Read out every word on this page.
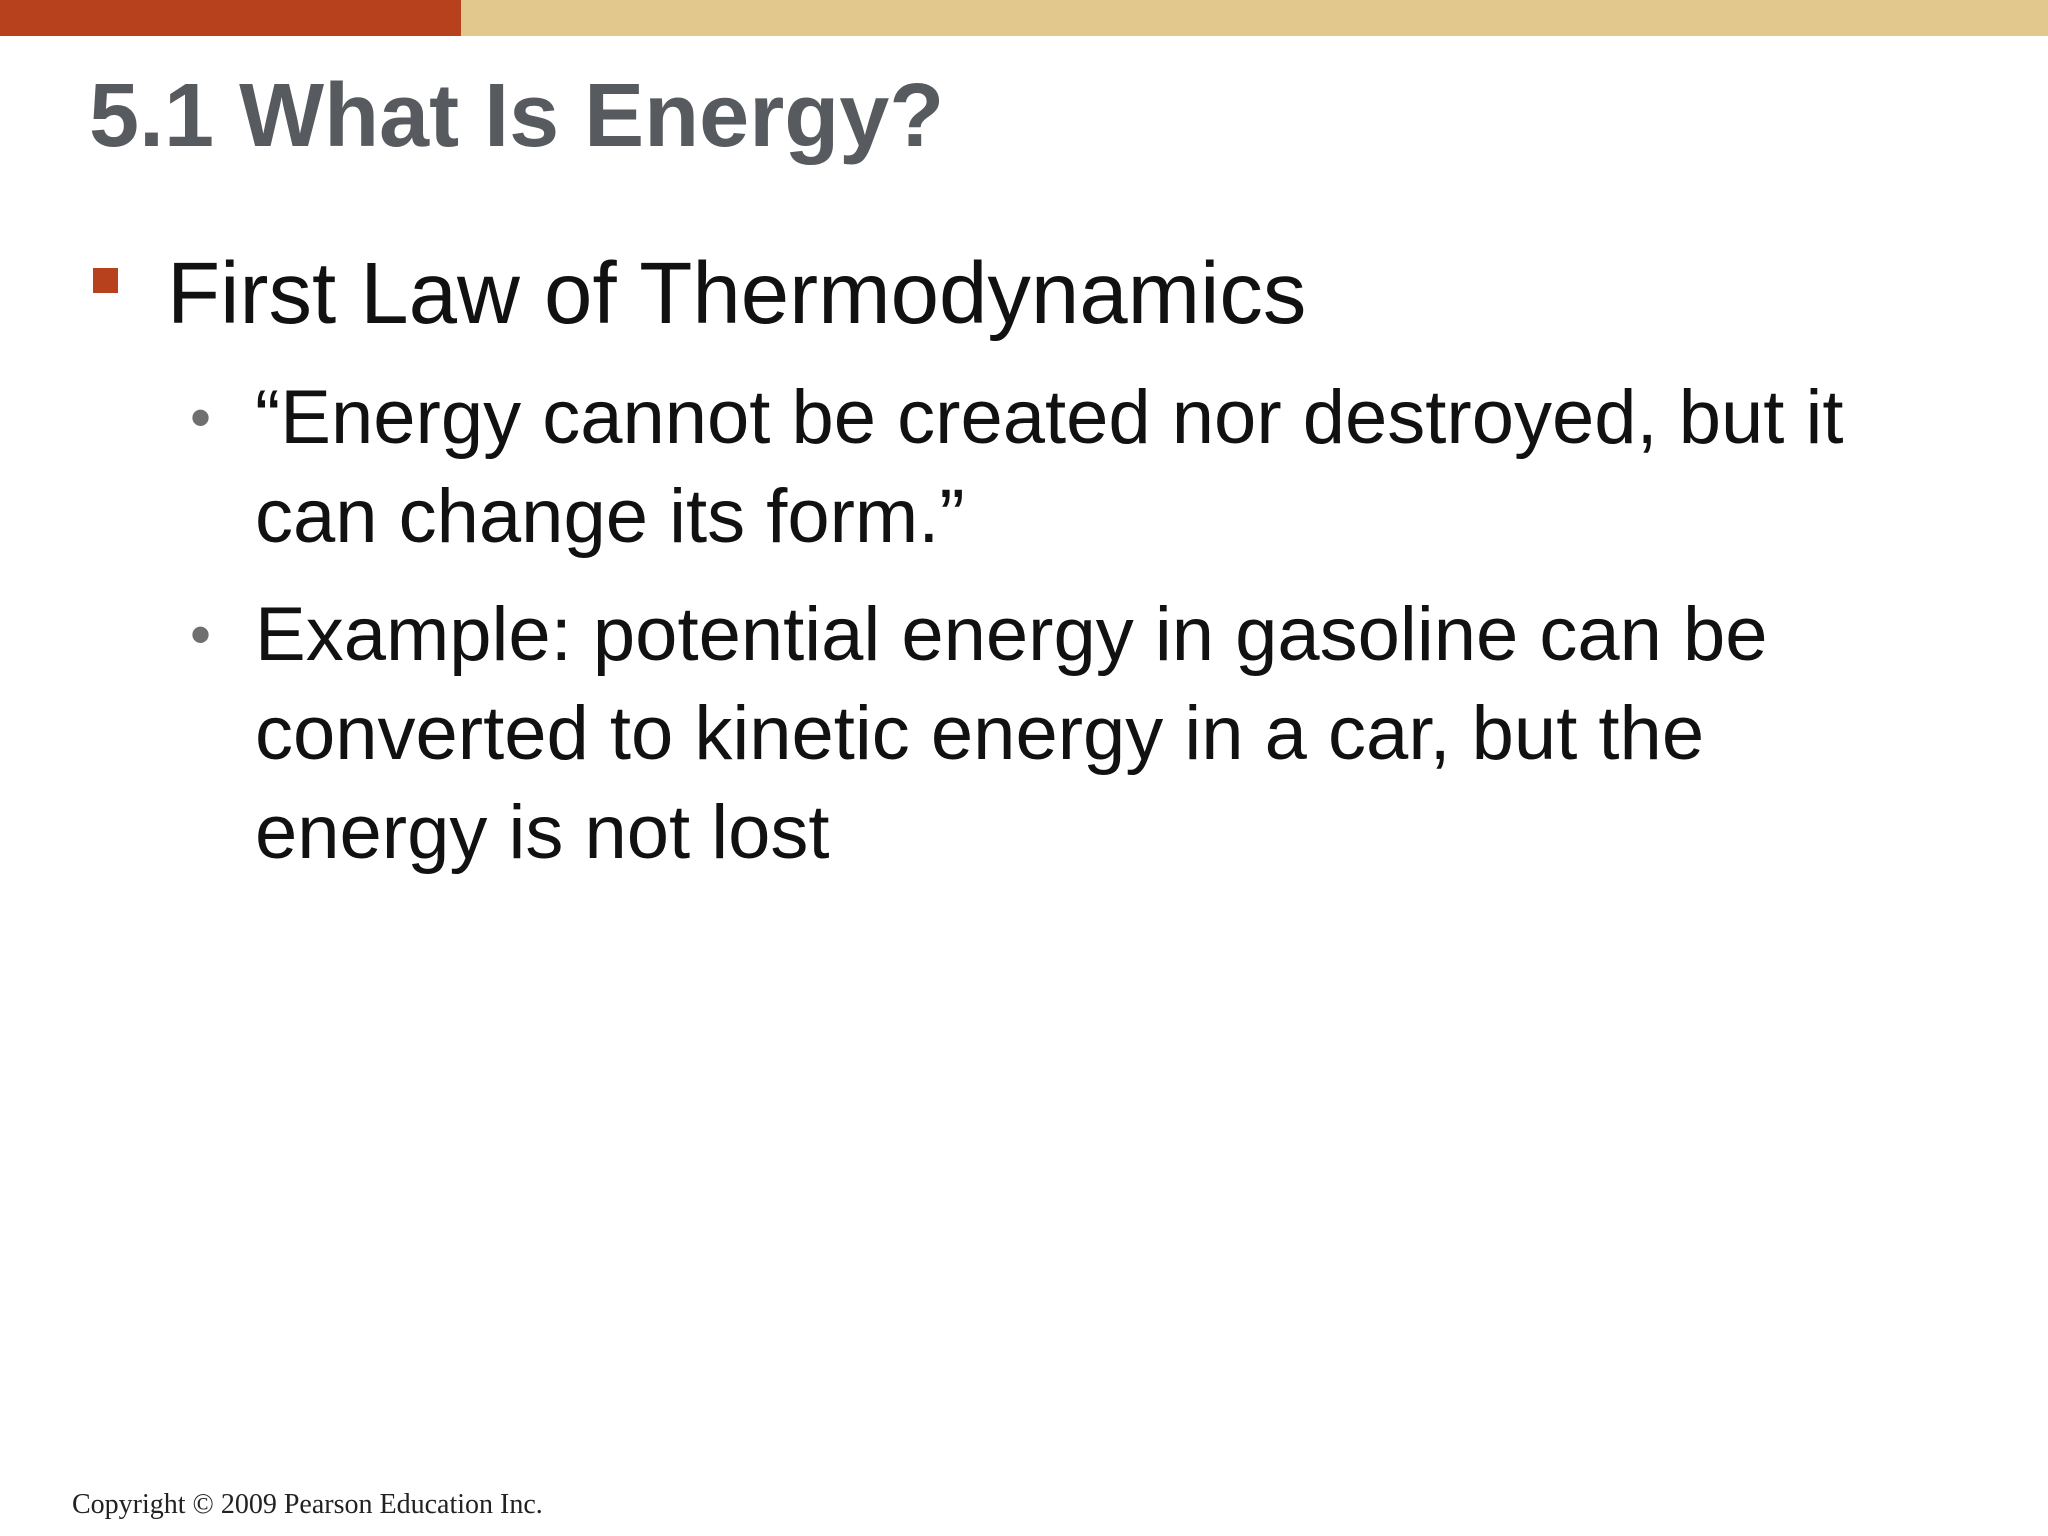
5.1 What Is Energy?
First Law of Thermodynamics
• “Energy cannot be created nor destroyed, but it can change its form.”
• Example: potential energy in gasoline can be converted to kinetic energy in a car, but the energy is not lost
Copyright © 2009 Pearson Education Inc.
